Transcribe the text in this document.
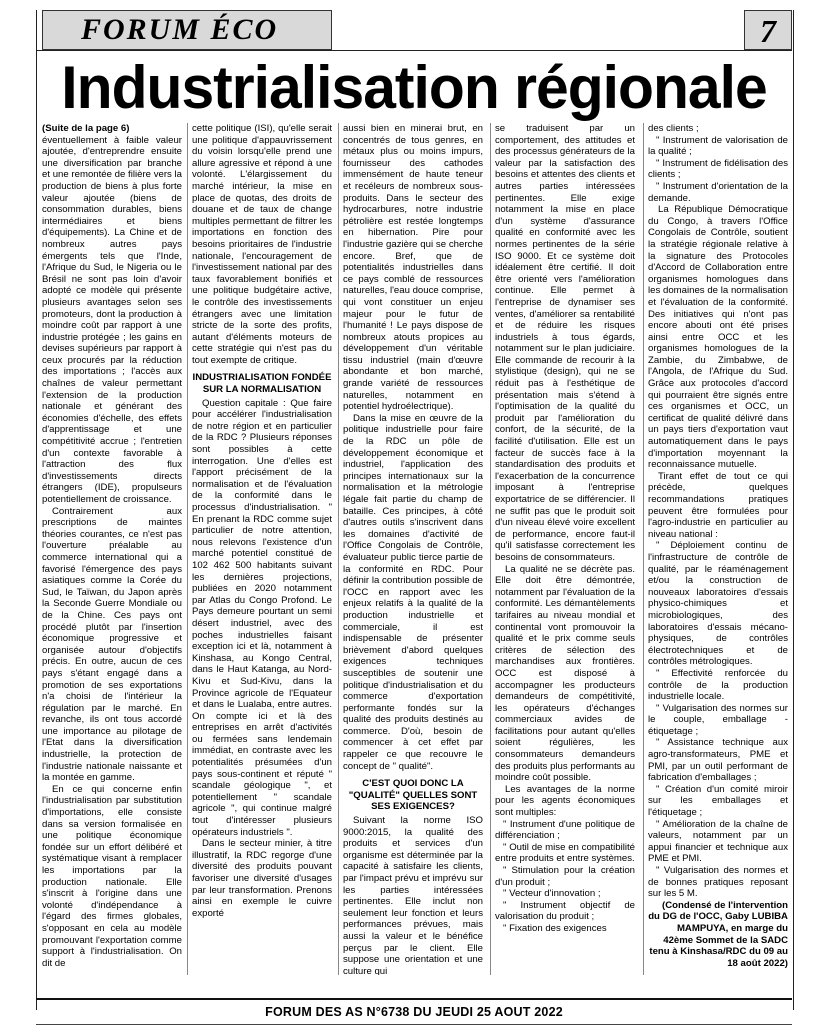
FORUM ÉCO	7
Industrialisation régionale

(Suite de la page 6)

éventuellement à faible valeur ajoutée, d'entreprendre ensuite une diversification par branche et une remontée de filière vers la production de biens à plus forte valeur ajoutée (biens de consommation durables, biens intermédiaires et biens d'équipements). La Chine et de nombreux autres pays émergents tels que l'Inde, l'Afrique du Sud, le Nigeria ou le Brésil ne sont pas loin d'avoir adopté ce modèle qui présente plusieurs avantages selon ses promoteurs, dont la production à moindre coût par rapport à une industrie protégée ; les gains en devises supérieurs par rapport à ceux procurés par la réduction des importations ; l'accès aux chaînes de valeur permettant l'extension de la production nationale et générant des économies d'échelle, des effets d'apprentissage et une compétitivité accrue ; l'entretien d'un contexte favorable à l'attraction des flux d'investissements directs étrangers (IDE), propulseurs potentiellement de croissance.

Contrairement aux prescriptions de maintes théories courantes, ce n'est pas l'ouverture préalable au commerce international qui a favorisé l'émergence des pays asiatiques comme la Corée du Sud, le Taïwan, du Japon après la Seconde Guerre Mondiale ou de la Chine. Ces pays ont procédé plutôt par l'insertion économique progressive et organisée autour d'objectifs précis. En outre, aucun de ces pays s'étant engagé dans a promotion de ses exportations n'a choisi de l'intérieur la régulation par le marché. En revanche, ils ont tous accordé une importance au pilotage de l'Etat dans la diversification industrielle, la protection de l'industrie nationale naissante et la montée en gamme.

En ce qui concerne enfin l'industrialisation par substitution d'importations, elle consiste dans sa version formalisée en une politique économique fondée sur un effort délibéré et systématique visant à remplacer les importations par la production nationale. Elle s'inscrit à l'origine dans une volonté d'indépendance à l'égard des firmes globales, s'opposant en cela au modèle promouvant l'exportation comme support à l'industrialisation. On dit de

cette politique (ISI), qu'elle serait une politique d'appauvrissement du voisin lorsqu'elle prend une allure agressive et répond à une volonté. L'élargissement du marché intérieur, la mise en place de quotas, des droits de douane et de taux de change multiples permettant de filtrer les importations en fonction des besoins prioritaires de l'industrie nationale, l'encouragement de l'investissement national par des taux favorablement bonifiés et une politique budgétaire active, le contrôle des investissements étrangers avec une limitation stricte de la sorte des profits, autant d'éléments moteurs de cette stratégie qui n'est pas du tout exempte de critique.

INDUSTRIALISATION FONDÉE SUR LA NORMALISATION

Question capitale : Que faire pour accélérer l'industrialisation de notre région et en particulier de la RDC ? Plusieurs réponses sont possibles à cette interrogation. Une d'elles est l'apport précisément de la normalisation et de l'évaluation de la conformité dans le processus d'industrialisation. " En prenant la RDC comme sujet particulier de notre attention, nous relevons l'existence d'un marché potentiel constitué de 102 462 500 habitants suivant les dernières projections, publiées en 2020 notamment par Atlas du Congo Profond. Le Pays demeure pourtant un semi désert industriel, avec des poches industrielles faisant exception ici et là, notamment à Kinshasa, au Kongo Central, dans le Haut Katanga, au Nord-Kivu et Sud-Kivu, dans la Province agricole de l'Equateur et dans le Lualaba, entre autres. On compte ici et là des entreprises en arrêt d'activités ou fermées sans lendemain immédiat, en contraste avec les potentialités présumées d'un pays sous-continent et réputé " scandale géologique ", et potentiellement " scandale agricole ", qui continue malgré tout d'intéresser plusieurs opérateurs industriels ".

Dans le secteur minier, à titre illustratif, la RDC regorge d'une diversité des produits pouvant favoriser une diversité d'usages par leur transformation. Prenons ainsi en exemple le cuivre exporté

aussi bien en minerai brut, en concentrés de tous genres, en métaux plus ou moins impurs, fournisseur des cathodes immensément de haute teneur et recéleurs de nombreux sous-produits. Dans le secteur des hydrocarbures, notre industrie pétrolière est restée longtemps en hibernation. Pire pour l'industrie gazière qui se cherche encore. Bref, que de potentialités industrielles dans ce pays comblé de ressources naturelles, l'eau douce comprise, qui vont constituer un enjeu majeur pour le futur de l'humanité ! Le pays dispose de nombreux atouts propices au développement d'un véritable tissu industriel (main d'œuvre abondante et bon marché, grande variété de ressources naturelles, notamment en potentiel hydroélectrique).

Dans la mise en œuvre de la politique industrielle pour faire de la RDC un pôle de développement économique et industriel, l'application des principes internationaux sur la normalisation et la métrologie légale fait partie du champ de bataille. Ces principes, à côté d'autres outils s'inscrivent dans les domaines d'activité de l'Office Congolais de Contrôle, évaluateur public tierce partie de la conformité en RDC. Pour définir la contribution possible de l'OCC en rapport avec les enjeux relatifs à la qualité de la production industrielle et commerciale, il est indispensable de présenter brièvement d'abord quelques exigences techniques susceptibles de soutenir une politique d'industrialisation et du commerce d'exportation performante fondés sur la qualité des produits destinés au commerce. D'où, besoin de commencer à cet effet par rappeler ce que recouvre le concept de " qualité".

C'EST QUOI DONC LA "QUALITÉ" QUELLES SONT SES EXIGENCES?

Suivant la norme ISO 9000:2015, la qualité des produits et services d'un organisme est déterminée par la capacité à satisfaire les clients, par l'impact prévu et imprévu sur les parties intéressées pertinentes. Elle inclut non seulement leur fonction et leurs performances prévues, mais aussi la valeur et le bénéfice perçus par le client. Elle suppose une orientation et une culture qui

se traduisent par un comportement, des attitudes et des processus générateurs de la valeur par la satisfaction des besoins et attentes des clients et autres parties intéressées pertinentes. Elle exige notamment la mise en place d'un système d'assurance qualité en conformité avec les normes pertinentes de la série ISO 9000. Et ce système doit idéalement être certifié. Il doit être orienté vers l'amélioration continue. Elle permet à l'entreprise de dynamiser ses ventes, d'améliorer sa rentabilité et de réduire les risques industriels à tous égards, notamment sur le plan judiciaire. Elle commande de recourir à la stylistique (design), qui ne se réduit pas à l'esthétique de présentation mais s'étend à l'optimisation de la qualité du produit par l'amélioration du confort, de la sécurité, de la facilité d'utilisation. Elle est un facteur de succès face à la standardisation des produits et l'exacerbation de la concurrence imposant à l'entreprise exportatrice de se différencier. Il ne suffit pas que le produit soit d'un niveau élevé voire excellent de performance, encore faut-il qu'il satisfasse correctement les besoins de consommateurs.

La qualité ne se décrète pas. Elle doit être démontrée, notamment par l'évaluation de la conformité. Les démantèlements tarifaires au niveau mondial et continental vont promouvoir la qualité et le prix comme seuls critères de sélection des marchandises aux frontières. OCC est disposé à accompagner les producteurs demandeurs de compétitivité, les opérateurs d'échanges commerciaux avides de facilitations pour autant qu'elles soient régulières, les consommateurs demandeurs des produits plus performants au moindre coût possible.

Les avantages de la norme pour les agents économiques sont multiples:

" Instrument d'une politique de différenciation ;

" Outil de mise en compatibilité entre produits et entre systèmes.

" Stimulation pour la création d'un produit ;

" Vecteur d'innovation ;

" Instrument objectif de valorisation du produit ;

" Fixation des exigences

des clients ;

" Instrument de valorisation de la qualité ;

" Instrument de fidélisation des clients ;

" Instrument d'orientation de la demande.

La République Démocratique du Congo, à travers l'Office Congolais de Contrôle, soutient la stratégie régionale relative à la signature des Protocoles d'Accord de Collaboration entre organismes homologues dans les domaines de la normalisation et l'évaluation de la conformité. Des initiatives qui n'ont pas encore abouti ont été prises ainsi entre OCC et les organismes homologues de la Zambie, du Zimbabwe, de l'Angola, de l'Afrique du Sud. Grâce aux protocoles d'accord qui pourraient être signés entre ces organismes et OCC, un certificat de qualité délivré dans un pays tiers d'exportation vaut automatiquement dans le pays d'importation moyennant la reconnaissance mutuelle.

Tirant effet de tout ce qui précède, quelques recommandations pratiques peuvent être formulées pour l'agro-industrie en particulier au niveau national :

" Déploiement continu de l'infrastructure de contrôle de qualité, par le réaménagement et/ou la construction de nouveaux laboratoires d'essais physico-chimiques et microbiologiques, des laboratoires d'essais mécano-physiques, de contrôles électrotechniques et de contrôles métrologiques.

" Effectivité renforcée du contrôle de la production industrielle locale.

" Vulgarisation des normes sur le couple, emballage - étiquetage ;

" Assistance technique aux agro-transformateurs, PME et PMI, par un outil performant de fabrication d'emballages ;

" Création d'un comité miroir sur les emballages et l'étiquetage ;

" Amélioration de la chaîne de valeurs, notamment par un appui financier et technique aux PME et PMI.

" Vulgarisation des normes et de bonnes pratiques reposant sur les 5 M.

(Condensé de l'intervention du DG de l'OCC, Gaby LUBIBA MAMPUYA, en marge du 42ème Sommet de la SADC tenu à Kinshasa/RDC du 09 au 18 août 2022)

FORUM DES AS N°6738 DU JEUDI 25 AOUT 2022
